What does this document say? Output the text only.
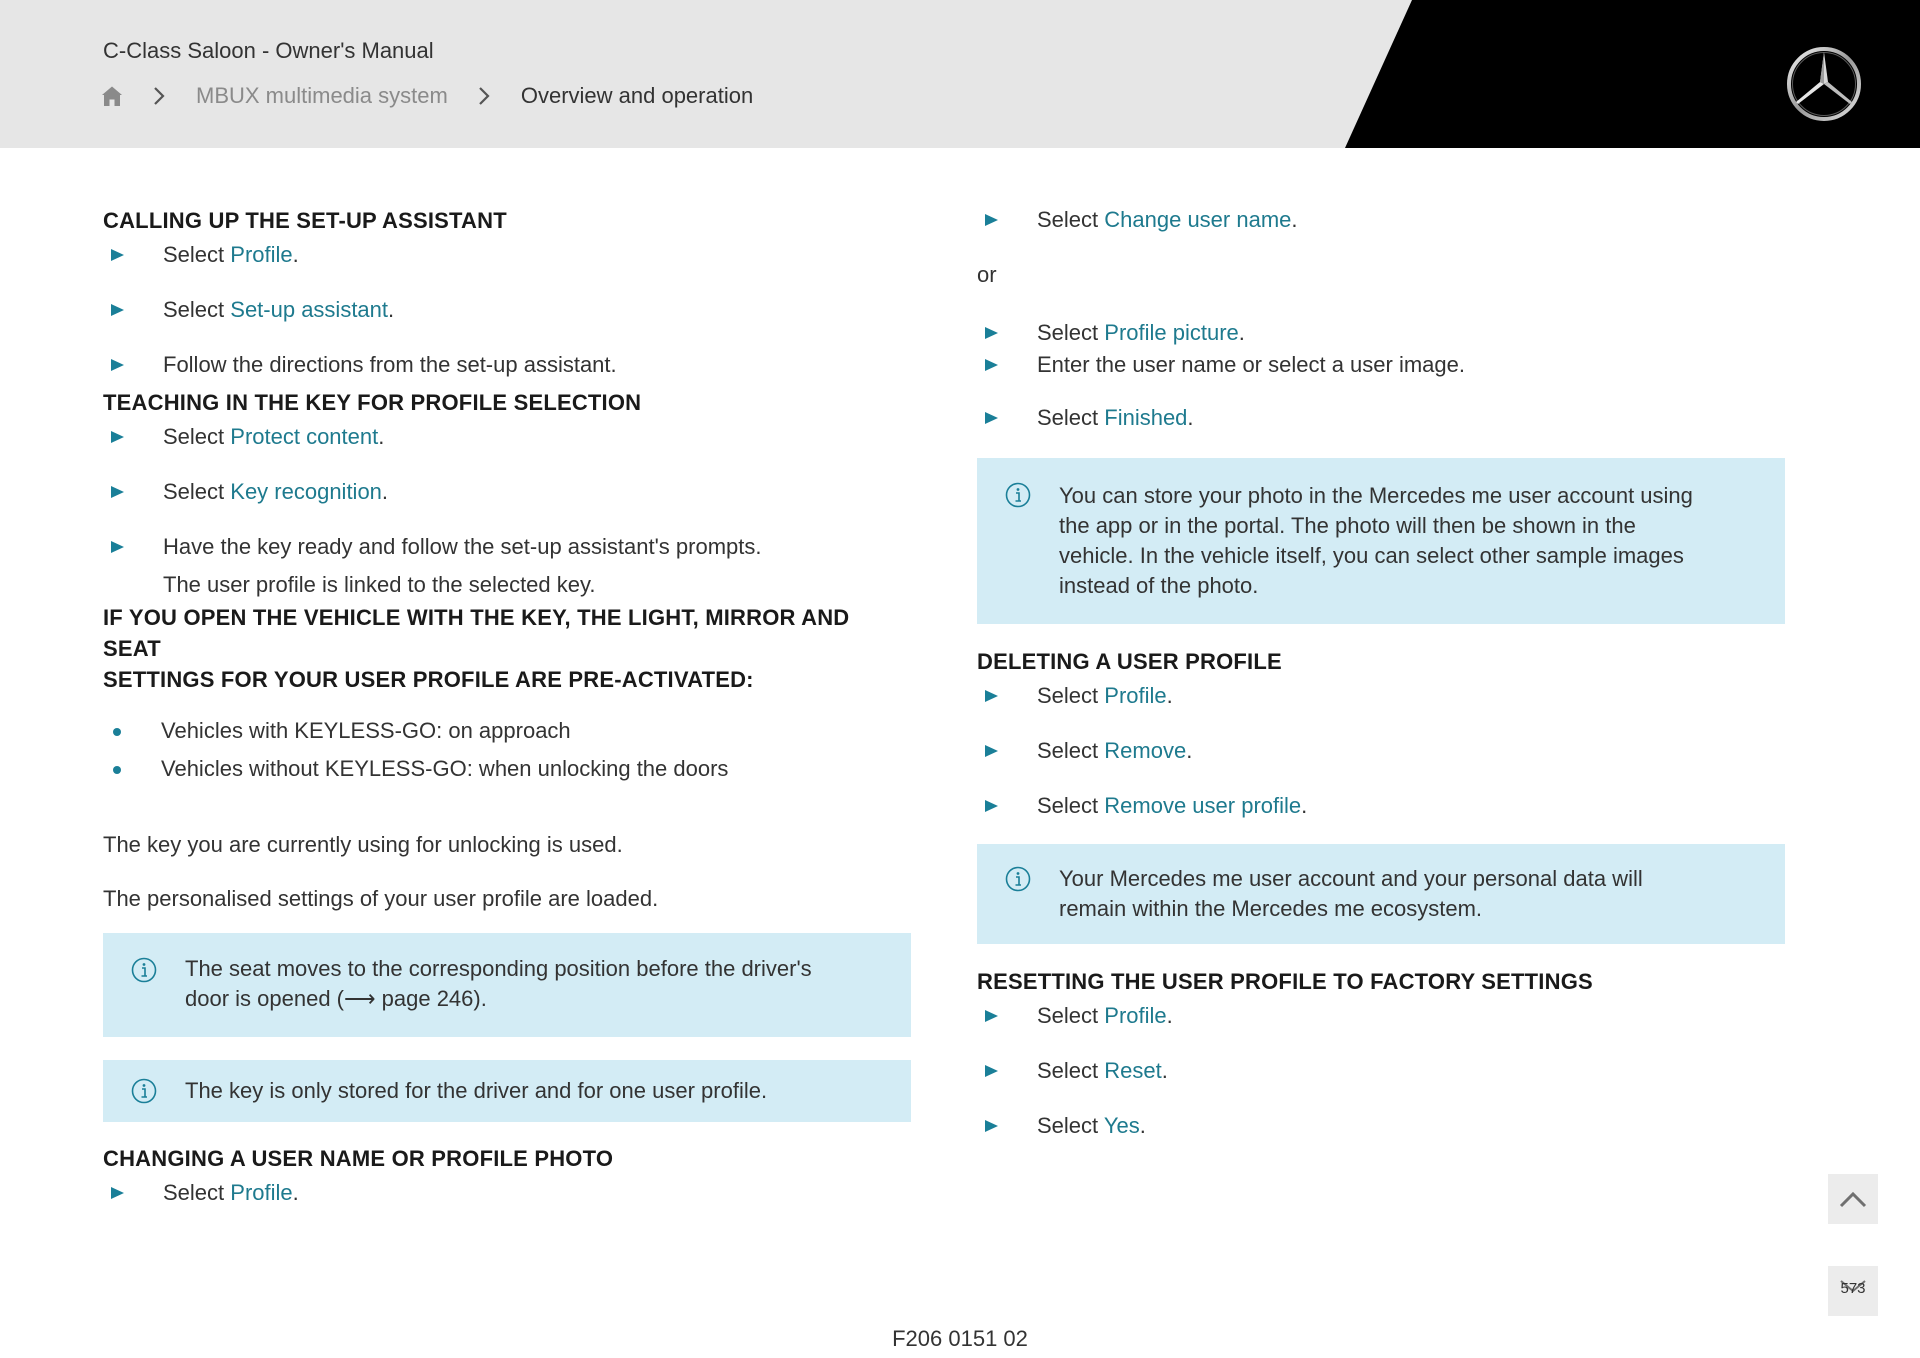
C-Class Saloon - Owner's Manual
MBUX multimedia system	Overview and operation
CALLING UP THE SET-UP ASSISTANT
Select Profile.
Select Set-up assistant.
Follow the directions from the set-up assistant.
TEACHING IN THE KEY FOR PROFILE SELECTION
Select Protect content.
Select Key recognition.
Have the key ready and follow the set-up assistant's prompts.
The user profile is linked to the selected key.
IF YOU OPEN THE VEHICLE WITH THE KEY, THE LIGHT, MIRROR AND SEAT
SETTINGS FOR YOUR USER PROFILE ARE PRE-ACTIVATED:
Vehicles with KEYLESS-GO: on approach
Vehicles without KEYLESS-GO: when unlocking the doors

The key you are currently using for unlocking is used.

The personalised settings of your user profile are loaded.

The seat moves to the corresponding position before the driver's
door is opened (⟶ page 246).
The key is only stored for the driver and for one user profile.
CHANGING A USER NAME OR PROFILE PHOTO
Select Profile.
Select Change user name.
or
Select Profile picture.
Enter the user name or select a user image.
Select Finished.
You can store your photo in the Mercedes me user account using
the app or in the portal. The photo will then be shown in the
vehicle. In the vehicle itself, you can select other sample images
instead of the photo.
DELETING A USER PROFILE
Select Profile.
Select Remove.
Select Remove user profile.
Your Mercedes me user account and your personal data will
remain within the Mercedes me ecosystem.
RESETTING THE USER PROFILE TO FACTORY SETTINGS
Select Profile.
Select Reset.
Select Yes.
573
F206 0151 02
